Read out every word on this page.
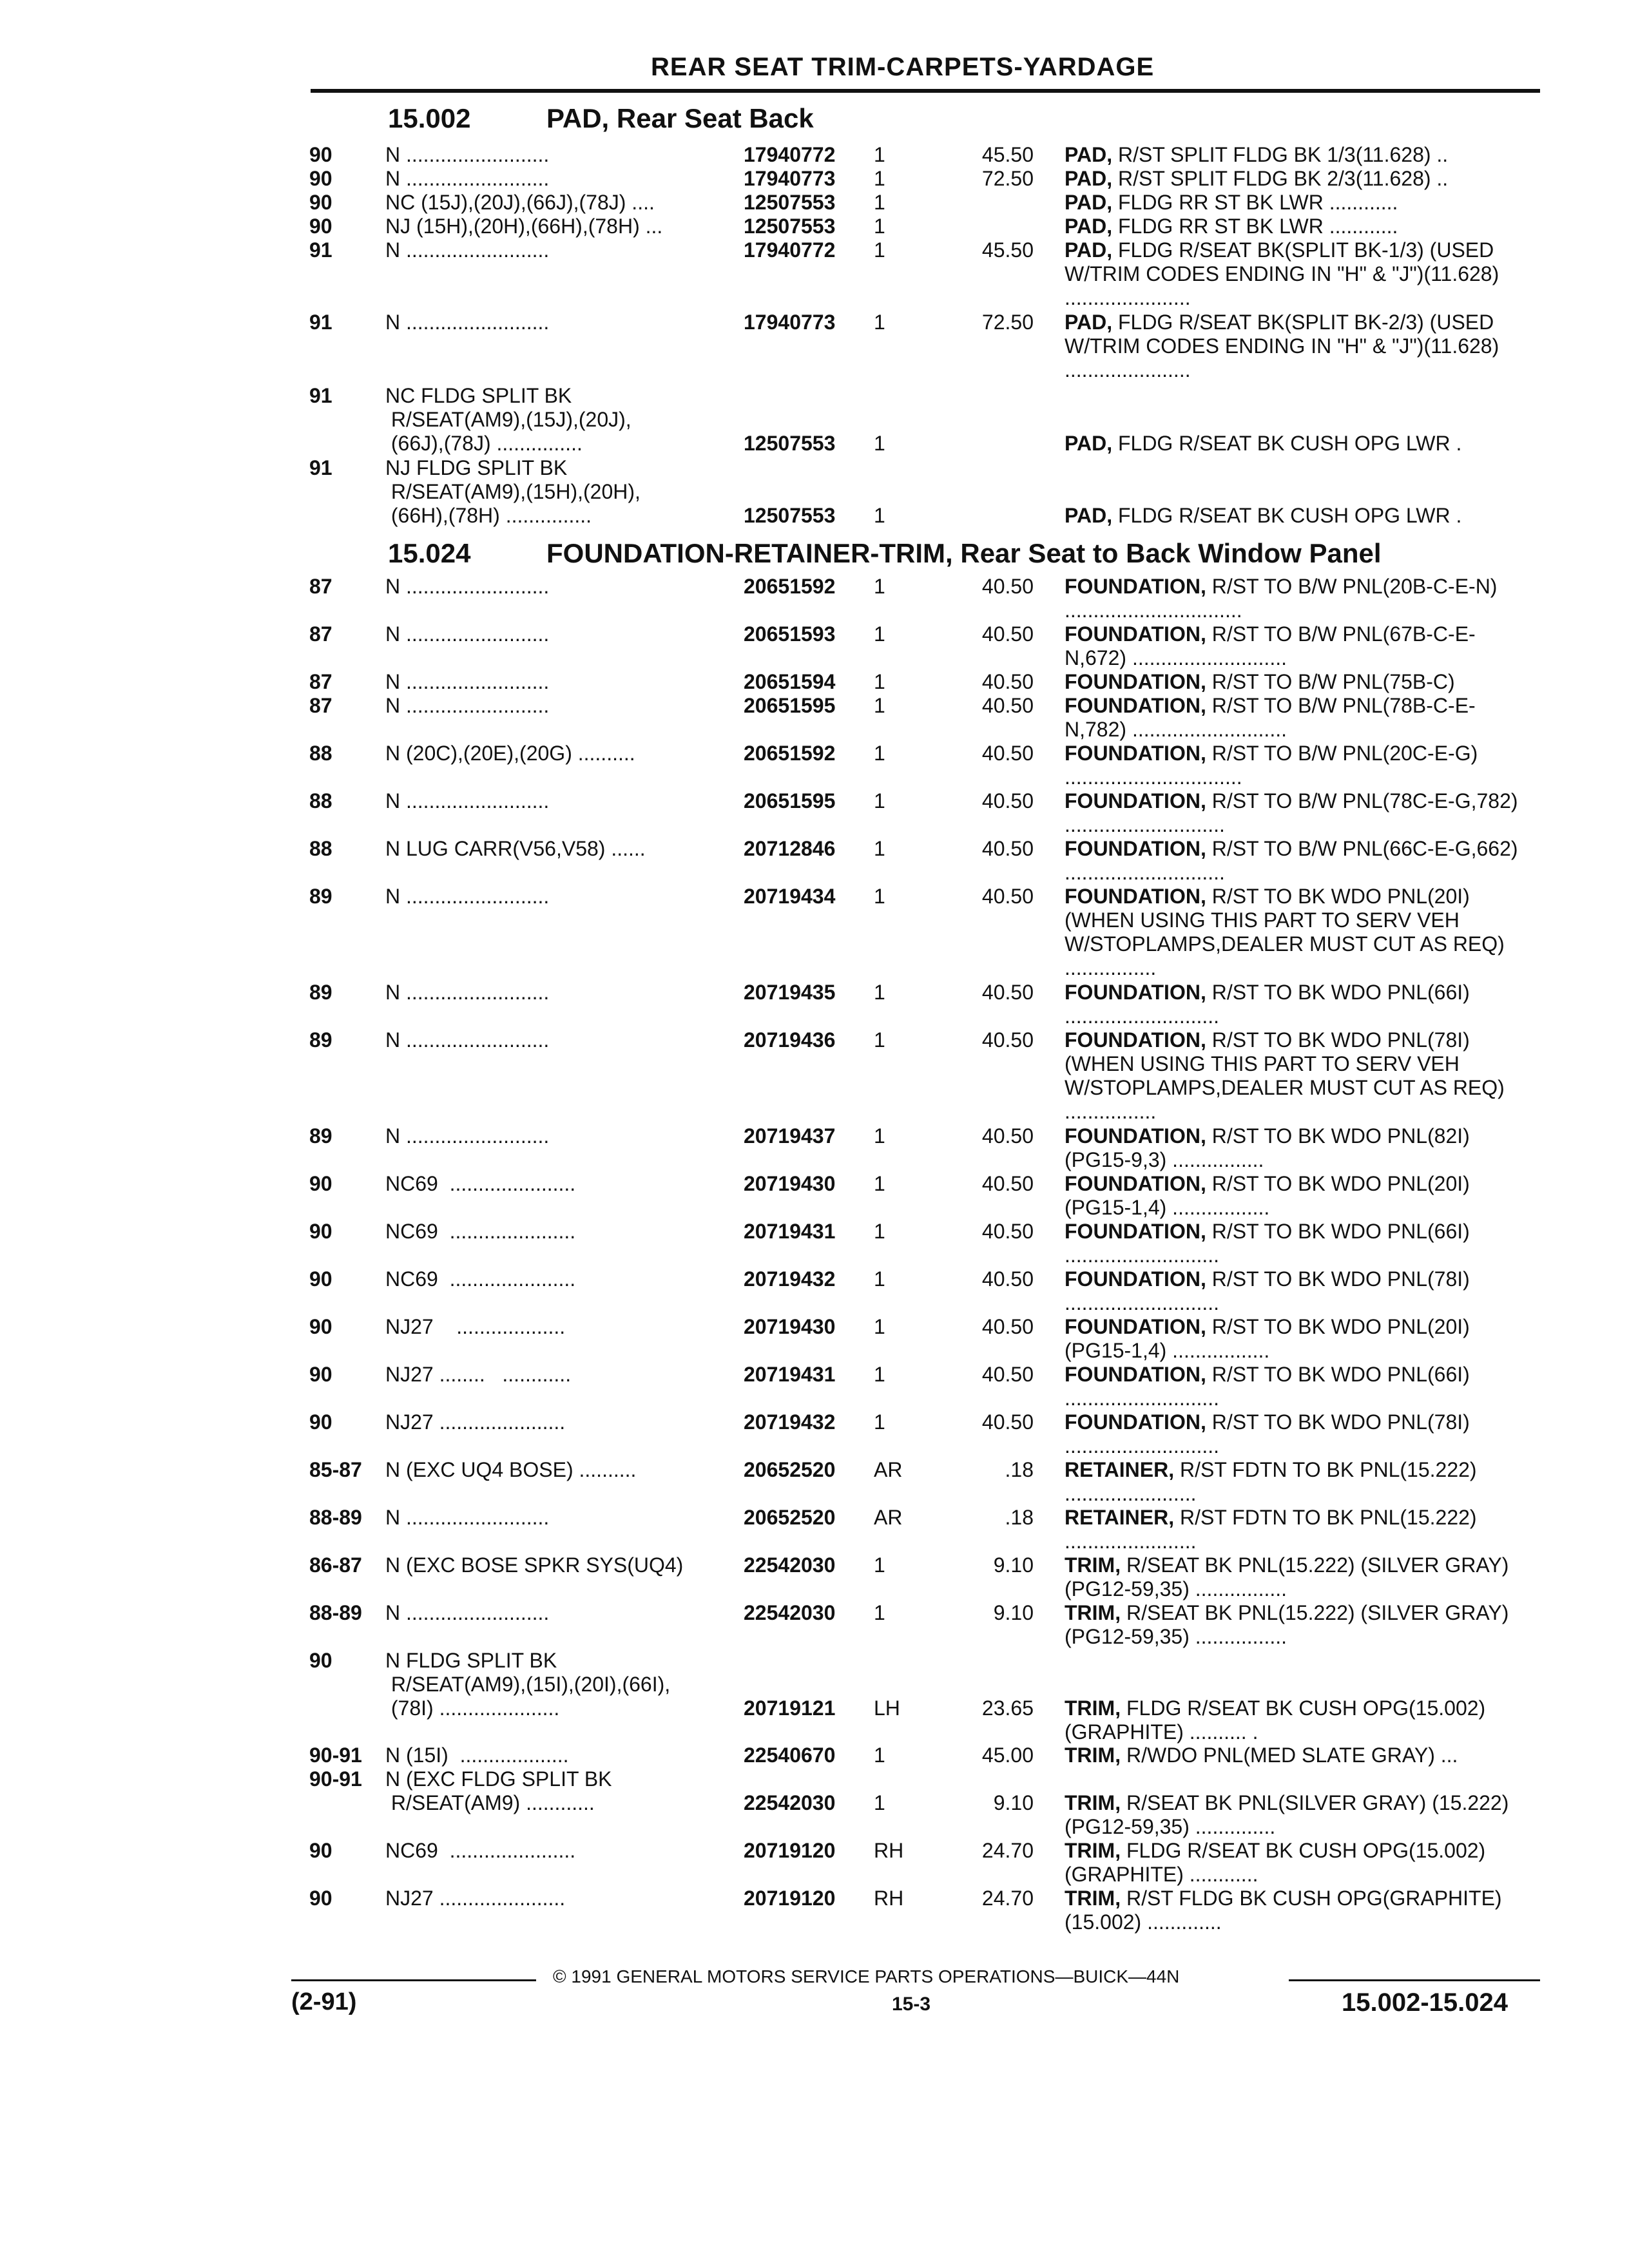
REAR SEAT TRIM-CARPETS-YARDAGE
15.002	PAD, Rear Seat Back
90	N .........................	17940772 1	45.50 PAD, R/ST SPLIT FLDG BK 1/3(11.628) ..
90	N .........................	17940773 1	72.50 PAD, R/ST SPLIT FLDG BK 2/3(11.628) ..
90	NC (15J),(20J),(66J),(78J) ....	12507553 1	PAD, FLDG RR ST BK LWR ............
90	NJ (15H),(20H),(66H),(78H) ...	12507553 1	PAD, FLDG RR ST BK LWR ............
91	N .........................	17940772 1	45.50 PAD, FLDG R/SEAT BK(SPLIT BK-1/3) (USED W/TRIM CODES ENDING IN "H" & "J")(11.628) ......................
91	N .........................	17940773 1	72.50 PAD, FLDG R/SEAT BK(SPLIT BK-2/3) (USED W/TRIM CODES ENDING IN "H" & "J")(11.628) ......................
91	NC FLDG SPLIT BK
R/SEAT(AM9),(15J),(20J),
(66J),(78J) ...............	12507553 1	PAD, FLDG R/SEAT BK CUSH OPG LWR .
91	NJ FLDG SPLIT BK
R/SEAT(AM9),(15H),(20H),
(66H),(78H) ...............	12507553 1	PAD, FLDG R/SEAT BK CUSH OPG LWR .
15.024	FOUNDATION-RETAINER-TRIM, Rear Seat to Back Window Panel
87	N .........................	20651592 1	40.50 FOUNDATION, R/ST TO B/W PNL(20B-C-E-N) ...............................
87	N .........................	20651593 1	40.50 FOUNDATION, R/ST TO B/W PNL(67B-C-E-N,672) ...........................
87	N .........................	20651594 1	40.50 FOUNDATION, R/ST TO B/W PNL(75B-C)
87	N .........................	20651595 1	40.50 FOUNDATION, R/ST TO B/W PNL(78B-C-E-N,782) ...........................
88	N (20C),(20E),(20G) ..........	20651592 1	40.50 FOUNDATION, R/ST TO B/W PNL(20C-E-G) ...............................
88	N .........................	20651595 1	40.50 FOUNDATION, R/ST TO B/W PNL(78C-E-G,782) ............................
88	N LUG CARR(V56,V58) ......	20712846 1	40.50 FOUNDATION, R/ST TO B/W PNL(66C-E-G,662) ............................
89	N .........................	20719434 1	40.50 FOUNDATION, R/ST TO BK WDO PNL(20I) (WHEN USING THIS PART TO SERV VEH W/STOPLAMPS,DEALER MUST CUT AS REQ) ................
89	N .........................	20719435 1	40.50 FOUNDATION, R/ST TO BK WDO PNL(66I) ...........................
89	N .........................	20719436 1	40.50 FOUNDATION, R/ST TO BK WDO PNL(78I) (WHEN USING THIS PART TO SERV VEH W/STOPLAMPS,DEALER MUST CUT AS REQ) ................
89	N .........................	20719437 1	40.50 FOUNDATION, R/ST TO BK WDO PNL(82I) (PG15-9,3) ................
90	NC69  ......................	20719430 1	40.50 FOUNDATION, R/ST TO BK WDO PNL(20I) (PG15-1,4) .................
90	NC69  ......................	20719431 1	40.50 FOUNDATION, R/ST TO BK WDO PNL(66I) ...........................
90	NC69  ......................	20719432 1	40.50 FOUNDATION, R/ST TO BK WDO PNL(78I) ...........................
90	NJ27    ...................	20719430 1	40.50 FOUNDATION, R/ST TO BK WDO PNL(20I) (PG15-1,4) .................
90	NJ27 ........   ............	20719431 1	40.50 FOUNDATION, R/ST TO BK WDO PNL(66I) ...........................
90	NJ27 ......................	20719432 1	40.50 FOUNDATION, R/ST TO BK WDO PNL(78I) ...........................
85-87 N (EXC UQ4 BOSE) ..........	20652520 AR	.18 RETAINER, R/ST FDTN TO BK PNL(15.222) .......................
88-89 N .........................	20652520 AR	.18 RETAINER, R/ST FDTN TO BK PNL(15.222) .......................
86-87 N (EXC BOSE SPKR SYS(UQ4)	22542030 1	9.10 TRIM, R/SEAT BK PNL(15.222) (SILVER GRAY) (PG12-59,35) ................
88-89 N .........................	22542030 1	9.10 TRIM, R/SEAT BK PNL(15.222) (SILVER GRAY) (PG12-59,35) ................
90	N FLDG SPLIT BK
R/SEAT(AM9),(15I),(20I),(66I),
(78I) .....................	20719121 LH	23.65 TRIM, FLDG R/SEAT BK CUSH OPG(15.002) (GRAPHITE) .......... .
90-91 N (15I)  ...................	22540670 1	45.00 TRIM, R/WDO PNL(MED SLATE GRAY) ...
90-91 N (EXC FLDG SPLIT BK
R/SEAT(AM9) ............	22542030 1	9.10 TRIM, R/SEAT BK PNL(SILVER GRAY) (15.222) (PG12-59,35) ..............
90	NC69  ......................	20719120 RH	24.70 TRIM, FLDG R/SEAT BK CUSH OPG(15.002) (GRAPHITE) ............
90	NJ27 ......................	20719120 RH	24.70 TRIM, R/ST FLDG BK CUSH OPG(GRAPHITE)(15.002) .............
© 1991 GENERAL MOTORS SERVICE PARTS OPERATIONS—BUICK—44N
(2-91)	15-3	15.002-15.024
